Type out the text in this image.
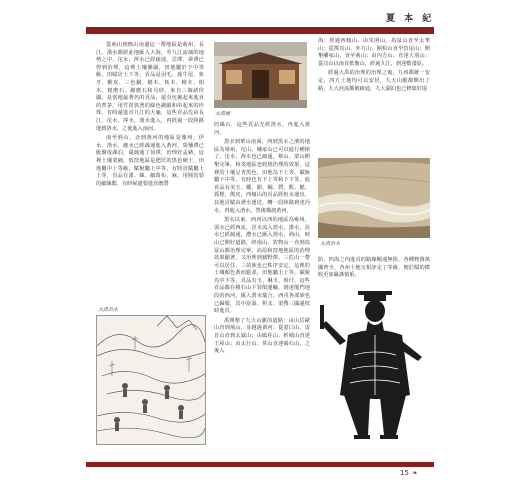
夏 本 紀

從荊山到衡山南邊這一帶地區是荊州，長江、漢水都經此地匯入大海，至九江流域的地勢之中，沱水、涔水已經疏通，雲澤、夢澤已得到治理，這裡土壤潮濕，田地屬於下中等級，田賦居上下等，貢品是羽毛、旄牛尾、象牙、獸皮、三色銅、椿木、柘木、檜木、柏木、粗磨石、細磨石和丹砂，來自三個諸侯國，是當地最著名的貢品，還有包裹起來進貢的菁茅，用竹筐裝著的綠色綢緞和串起來的珍珠，有時還進貢九江的大龜，這些貢品先由長江、沱水、涔水、漢水進入，再經過一段陸路運到洛水，之後進入南河。

南至荊山，北到黃河的地區是豫州，伊水、洛水、瀍水已經疏通進入黃河，滎播澤已匯聚成湖泊，還疏通了荷澤，治理好孟豬，這裡土壤柔細，低窪地區是肥沃的黑色硬土，田地屬中上等級，賦稅屬上中等，有時貢賦屬上上等，貢品有漆、絲、細葛布、麻，用圓筐裝的細絲絮，有時候還要進貢磨磬

大禹治水
大禹廟

的絲石，這些貢品先經洛水，再進入黃河。

黑水到華山南面，西到黑水之濱的地區為梁州，沱山、嶓冢山已可以進行種植了，沱水、涔水也已疏通，蔡山、蒙山開墾完畢，和夷地區也收到治理的效果，這裡的土壤呈青黑色，田地為下上等，賦稅屬下中等，有時也有下上等和下下等，進貢品有美玉、鐵、銀、鋼、磬、熊、羆、狐狸，熊皮，西傾山的貢品經桓水運出，其他貢賦由潛水運送，轉一段陸路到達沔水，再進入渭水，然後橫渡黃河。

黑水以東，西河以西的地區為雍州，弱水已經西流，涇水流入渭水，漆水、沮水已經疏通，灃水已匯入渭水，荊山、岐山已開好道路，終南山、敦物山一直到鳥鼠山都治理完畢，高原和窪地地區的治理效果顯著，又治理到豬野澤，三危山一帶可以居住，三苗族也已秩序安定，這裡的土壤顏色黃而鬆柔，田地屬上上等，賦稅為中下等，貢品有玉、琳玉、琅玕，這些貢品都在積石山下裝船運輸，到達龍門地段的西河，匯入渭水彙合，西戎各部族也已歸服，其中崑崙、析支、渠搜三國還按時進貢。

禹開墾了九大山脈的道路：由山岳歐山直到荊山，並越過黃河；從壺口山、雷首山直到太嶽山；由砥柱山、析城山直達王屋山；由太行山、常山直達碣石山，之後入

海；經過西傾山、由朱圉山、鳥鼠山直至太華山；從熊耳山、外方山、桐柏山直至負尾山；開墾嶓冢山、直至荊山；由內方山、直達大別山；從汶山以南直抵衡山，經過九江，到達敷淺原。

經過大禹的治理的治理之後，九州都統一安定，四方土地均可以安居，九大山脈都開出了路，九大河流都被疏通，九大湖泊也已修築好堤

大禹治水

防，四海之內進貢的路線暢通無阻，各種物資萬國齊全，各州土地交相評定了等級，便於賦的徵收更加嚴謹慎重。

15 ❧
